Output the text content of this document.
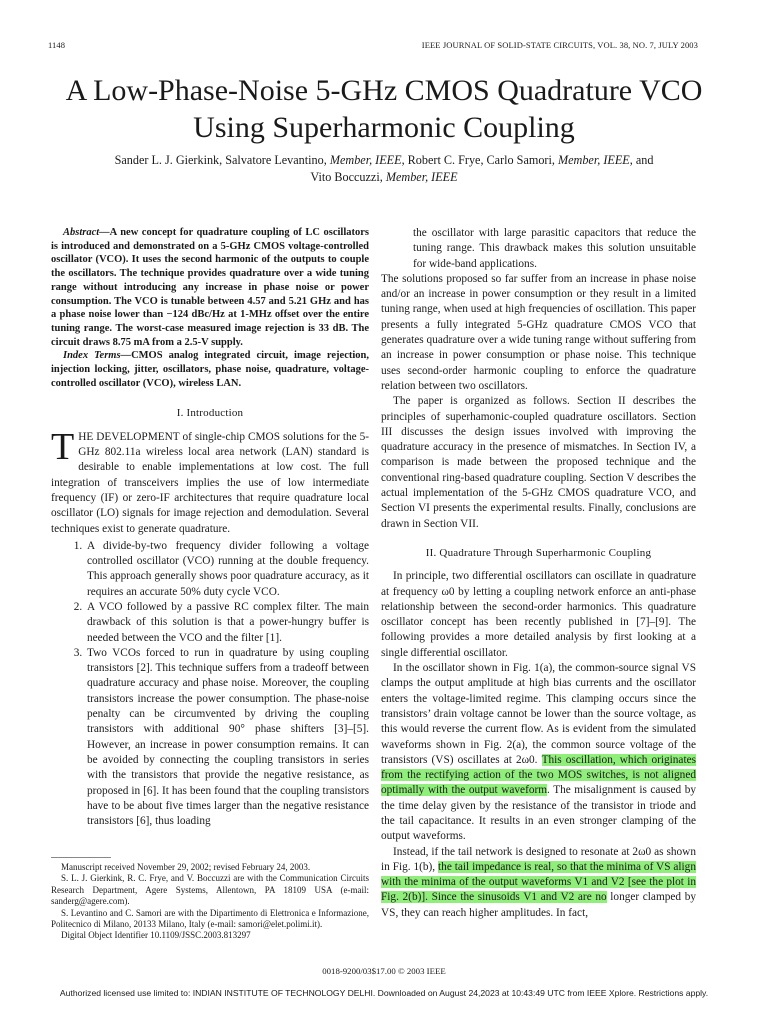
1148	IEEE JOURNAL OF SOLID-STATE CIRCUITS, VOL. 38, NO. 7, JULY 2003
A Low-Phase-Noise 5-GHz CMOS Quadrature VCO
Using Superharmonic Coupling
Sander L. J. Gierkink, Salvatore Levantino, Member, IEEE, Robert C. Frye, Carlo Samori, Member, IEEE, and
Vito Boccuzzi, Member, IEEE

Abstract—A new concept for quadrature coupling of LC oscillators is introduced and demonstrated on a 5-GHz CMOS voltage-controlled oscillator (VCO). It uses the second harmonic of the outputs to couple the oscillators. The technique provides quadrature over a wide tuning range without introducing any increase in phase noise or power consumption. The VCO is tunable between 4.57 and 5.21 GHz and has a phase noise lower than −124 dBc/Hz at 1-MHz offset over the entire tuning range. The worst-case measured image rejection is 33 dB. The circuit draws 8.75 mA from a 2.5-V supply.

Index Terms—CMOS analog integrated circuit, image rejection, injection locking, jitter, oscillators, phase noise, quadrature, voltage-controlled oscillator (VCO), wireless LAN.

I. Introduction

THE DEVELOPMENT of single-chip CMOS solutions for the 5-GHz 802.11a wireless local area network (LAN) standard is desirable to enable implementations at low cost. The full integration of transceivers implies the use of low intermediate frequency (IF) or zero-IF architectures that require quadrature local oscillator (LO) signals for image rejection and demodulation. Several techniques exist to generate quadrature.

1. A divide-by-two frequency divider following a voltage controlled oscillator (VCO) running at the double frequency. This approach generally shows poor quadrature accuracy, as it requires an accurate 50% duty cycle VCO.
2. A VCO followed by a passive RC complex filter. The main drawback of this solution is that a power-hungry buffer is needed between the VCO and the filter [1].
3. Two VCOs forced to run in quadrature by using coupling transistors [2]. This technique suffers from a tradeoff between quadrature accuracy and phase noise. Moreover, the coupling transistors increase the power consumption. The phase-noise penalty can be circumvented by driving the coupling transistors with additional 90° phase shifters [3]–[5]. However, an increase in power consumption remains. It can be avoided by connecting the coupling transistors in series with the transistors that provide the negative resistance, as proposed in [6]. It has been found that the coupling transistors have to be about five times larger than the negative resistance transistors [6], thus loading

Manuscript received November 29, 2002; revised February 24, 2003.

S. L. J. Gierkink, R. C. Frye, and V. Boccuzzi are with the Communication Circuits Research Department, Agere Systems, Allentown, PA 18109 USA (e-mail: sanderg@agere.com).

S. Levantino and C. Samori are with the Dipartimento di Elettronica e Informazione, Politecnico di Milano, 20133 Milano, Italy (e-mail: samori@elet.polimi.it).

Digital Object Identifier 10.1109/JSSC.2003.813297

the oscillator with large parasitic capacitors that reduce the tuning range. This drawback makes this solution unsuitable for wide-band applications.

The solutions proposed so far suffer from an increase in phase noise and/or an increase in power consumption or they result in a limited tuning range, when used at high frequencies of oscillation. This paper presents a fully integrated 5-GHz quadrature CMOS VCO that generates quadrature over a wide tuning range without suffering from an increase in power consumption or phase noise. This technique uses second-order harmonic coupling to enforce the quadrature relation between two oscillators.

The paper is organized as follows. Section II describes the principles of superhamonic-coupled quadrature oscillators. Section III discusses the design issues involved with improving the quadrature accuracy in the presence of mismatches. In Section IV, a comparison is made between the proposed technique and the conventional ring-based quadrature coupling. Section V describes the actual implementation of the 5-GHz CMOS quadrature VCO, and Section VI presents the experimental results. Finally, conclusions are drawn in Section VII.

II. Quadrature Through Superharmonic Coupling

In principle, two differential oscillators can oscillate in quadrature at frequency ω0 by letting a coupling network enforce an anti-phase relationship between the second-order harmonics. This quadrature oscillator concept has been recently published in [7]–[9]. The following provides a more detailed analysis by first looking at a single differential oscillator.

In the oscillator shown in Fig. 1(a), the common-source signal VS clamps the output amplitude at high bias currents and the oscillator enters the voltage-limited regime. This clamping occurs since the transistors’ drain voltage cannot be lower than the source voltage, as this would reverse the current flow. As is evident from the simulated waveforms shown in Fig. 2(a), the common source voltage of the transistors (VS) oscillates at 2ω0. This oscillation, which originates from the rectifying action of the two MOS switches, is not aligned optimally with the output waveform. The misalignment is caused by the time delay given by the resistance of the transistor in triode and the tail capacitance. It results in an even stronger clamping of the output waveforms.

Instead, if the tail network is designed to resonate at 2ω0 as shown in Fig. 1(b), the tail impedance is real, so that the minima of VS align with the minima of the output waveforms V1 and V2 [see the plot in Fig. 2(b)]. Since the sinusoids V1 and V2 are no longer clamped by VS, they can reach higher amplitudes. In fact,

0018-9200/03$17.00 © 2003 IEEE
Authorized licensed use limited to: INDIAN INSTITUTE OF TECHNOLOGY DELHI. Downloaded on August 24,2023 at 10:43:49 UTC from IEEE Xplore. Restrictions apply.
